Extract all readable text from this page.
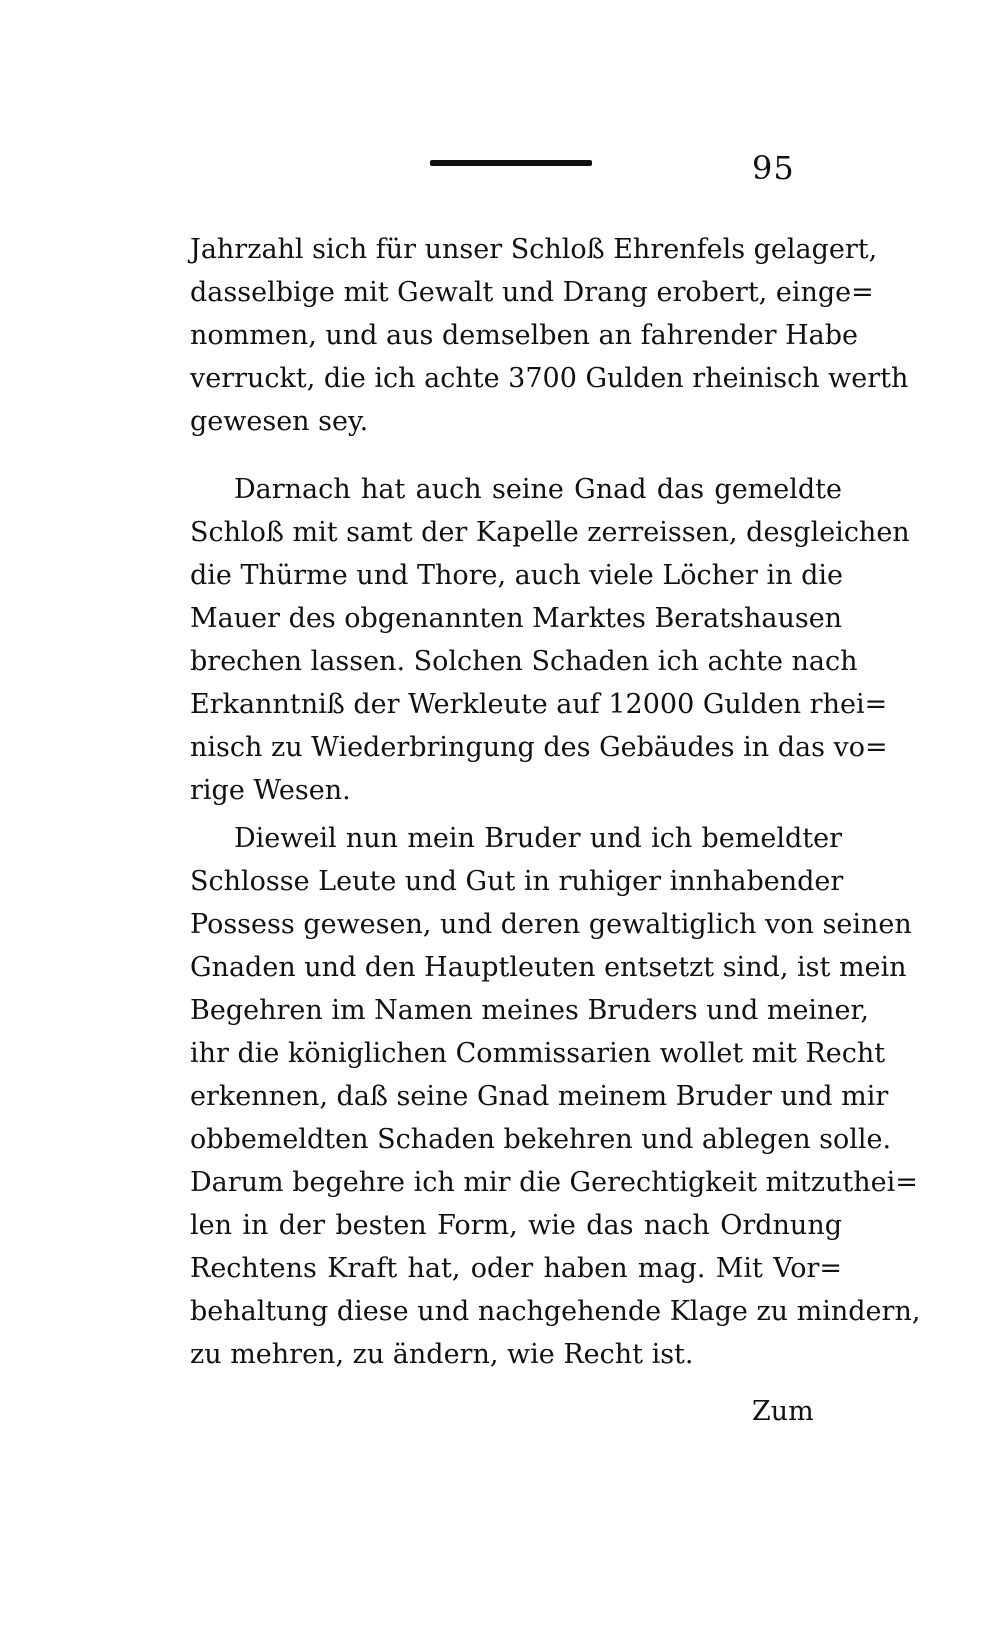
95
Jahrzahl sich für unser Schloß Ehrenfels gelagert,
dasselbige mit Gewalt und Drang erobert, einge=
nommen, und aus demselben an fahrender Habe
verruckt, die ich achte 3700 Gulden rheinisch werth
gewesen sey.
Darnach hat auch seine Gnad das gemeldte
Schloß mit samt der Kapelle zerreissen, desgleichen
die Thürme und Thore, auch viele Löcher in die
Mauer des obgenannten Marktes Beratshausen
brechen lassen. Solchen Schaden ich achte nach
Erkanntniß der Werkleute auf 12000 Gulden rhei=
nisch zu Wiederbringung des Gebäudes in das vo=
rige Wesen.
Dieweil nun mein Bruder und ich bemeldter
Schlosse Leute und Gut in ruhiger innhabender
Possess gewesen, und deren gewaltiglich von seinen
Gnaden und den Hauptleuten entsetzt sind, ist mein
Begehren im Namen meines Bruders und meiner,
ihr die königlichen Commissarien wollet mit Recht
erkennen, daß seine Gnad meinem Bruder und mir
obbemeldten Schaden bekehren und ablegen solle.
Darum begehre ich mir die Gerechtigkeit mitzuthei=
len in der besten Form, wie das nach Ordnung
Rechtens Kraft hat, oder haben mag. Mit Vor=
behaltung diese und nachgehende Klage zu mindern,
zu mehren, zu ändern, wie Recht ist.
Zum
